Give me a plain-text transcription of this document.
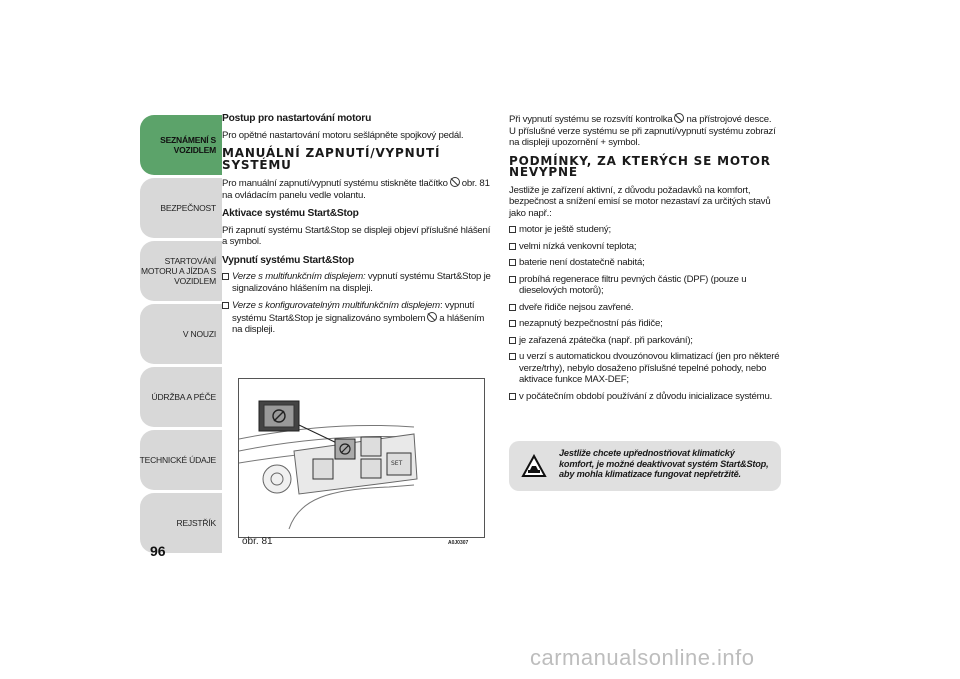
SEZNÁMENÍ S
VOZIDLEM
BEZPEČNOST
STARTOVÁNÍ
MOTORU A JÍZDA S
VOZIDLEM
V NOUZI
ÚDRŽBA A PÉČE
TECHNICKÉ ÚDAJE
REJSTŘÍK
96
Postup pro nastartování motoru

Pro opětné nastartování motoru sešlápněte spojkový pedál.

MANUÁLNÍ ZAPNUTÍ/VYPNUTÍ SYSTÉMU

Pro manuální zapnutí/vypnutí systému stiskněte tlačítko obr. 81 na ovládacím panelu vedle volantu.

Aktivace systému Start&Stop

Při zapnutí systému Start&Stop se displeji objeví příslušné hlášení a symbol.

Vypnutí systému Start&Stop
Verze s multifunkčním displejem: vypnutí systému Start&Stop je signalizováno hlášením na displeji.
Verze s konfigurovatelným multifunkčním displejem: vypnutí systému Start&Stop je signalizováno symbolem a hlášením na displeji.
SET
obr. 81	A0J0307

Při vypnutí systému se rozsvítí kontrolka na přístrojové desce.
U příslušné verze systému se při zapnutí/vypnutí systému zobrazí na displeji upozornění + symbol.

PODMÍNKY, ZA KTERÝCH SE MOTOR NEVYPNE

Jestliže je zařízení aktivní, z důvodu požadavků na komfort, bezpečnost a snížení emisí se motor nezastaví za určitých stavů jako např.:

motor je ještě studený;
velmi nízká venkovní teplota;
baterie není dostatečně nabitá;
probíhá regenerace filtru pevných částic (DPF) (pouze u dieselových motorů);
dveře řidiče nejsou zavřené.
nezapnutý bezpečnostní pás řidiče;
je zařazená zpátečka (např. při parkování);
u verzí s automatickou dvouzónovou klimatizací (jen pro některé verze/trhy), nebylo dosaženo příslušné tepelné pohody, nebo aktivace funkce MAX-DEF;
v počátečním období používání z důvodu inicializace systému.
Jestliže chcete upřednostňovat klimatický komfort, je možné deaktivovat systém Start&Stop, aby mohla klimatizace fungovat nepřetržitě.
carmanualsonline.info
